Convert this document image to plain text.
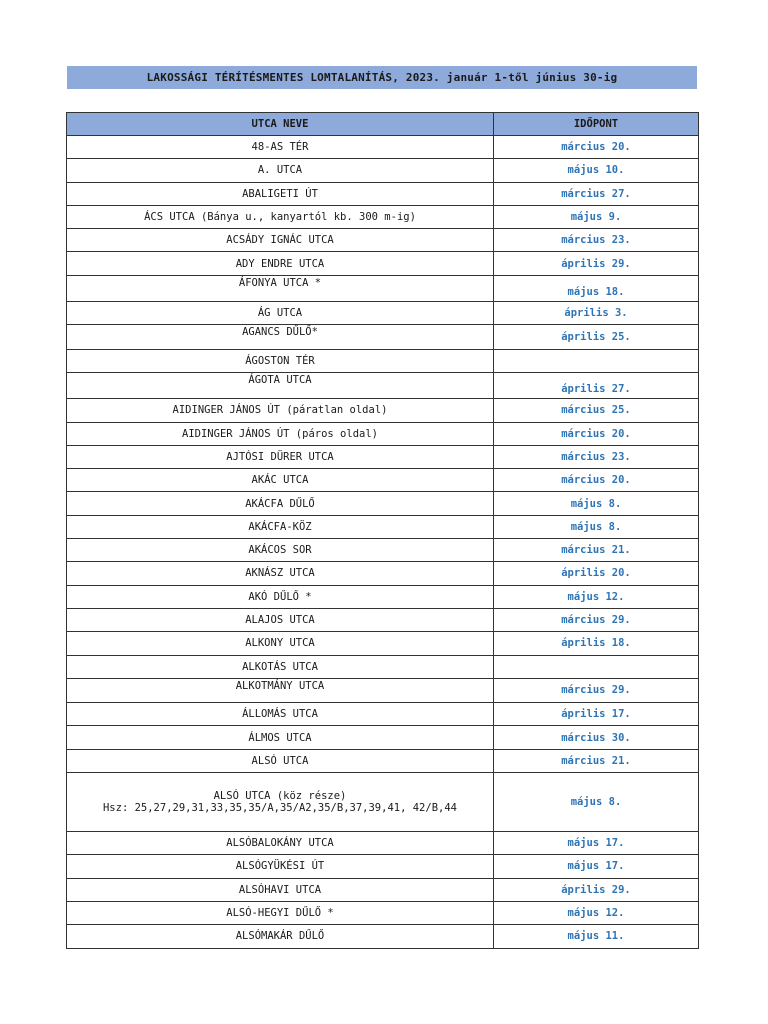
LAKOSSÁGI TÉRÍTÉSMENTES LOMTALANÍTÁS, 2023. január 1-től június 30-ig
UTCA NEVE	IDŐPONT
48-AS TÉR	március 20.
A. UTCA	május 10.
ABALIGETI ÚT	március 27.
ÁCS UTCA (Bánya u., kanyartól kb. 300 m-ig)	május 9.
ACSÁDY IGNÁC UTCA	március 23.
ADY ENDRE UTCA	április 29.
ÁFONYA UTCA *	május 18.
ÁG UTCA	április 3.
AGANCS DŰLŐ*	április 25.
ÁGOSTON TÉR	
ÁGOTA UTCA	április 27.
AIDINGER JÁNOS ÚT (páratlan oldal)	március 25.
AIDINGER JÁNOS ÚT (páros oldal)	március 20.
AJTÓSI DÜRER UTCA	március 23.
AKÁC UTCA	március 20.
AKÁCFA DŰLŐ	május 8.
AKÁCFA-KÖZ	május 8.
AKÁCOS SOR	március 21.
AKNÁSZ UTCA	április 20.
AKÓ DŰLŐ *	május 12.
ALAJOS UTCA	március 29.
ALKONY UTCA	április 18.
ALKOTÁS UTCA	
ALKOTMÁNY UTCA	március 29.
ÁLLOMÁS UTCA	április 17.
ÁLMOS UTCA	március 30.
ALSÓ UTCA	március 21.

ALSÓ UTCA (köz része)
Hsz: 25,27,29,31,33,35,35/A,35/A2,35/B,37,39,41, 42/B,44	május 8.
ALSÓBALOKÁNY UTCA	május 17.
ALSÓGYÜKÉSI ÚT	május 17.
ALSÓHAVI UTCA	április 29.
ALSÓ-HEGYI DŰLŐ *	május 12.
ALSÓMAKÁR DŰLŐ	május 11.
